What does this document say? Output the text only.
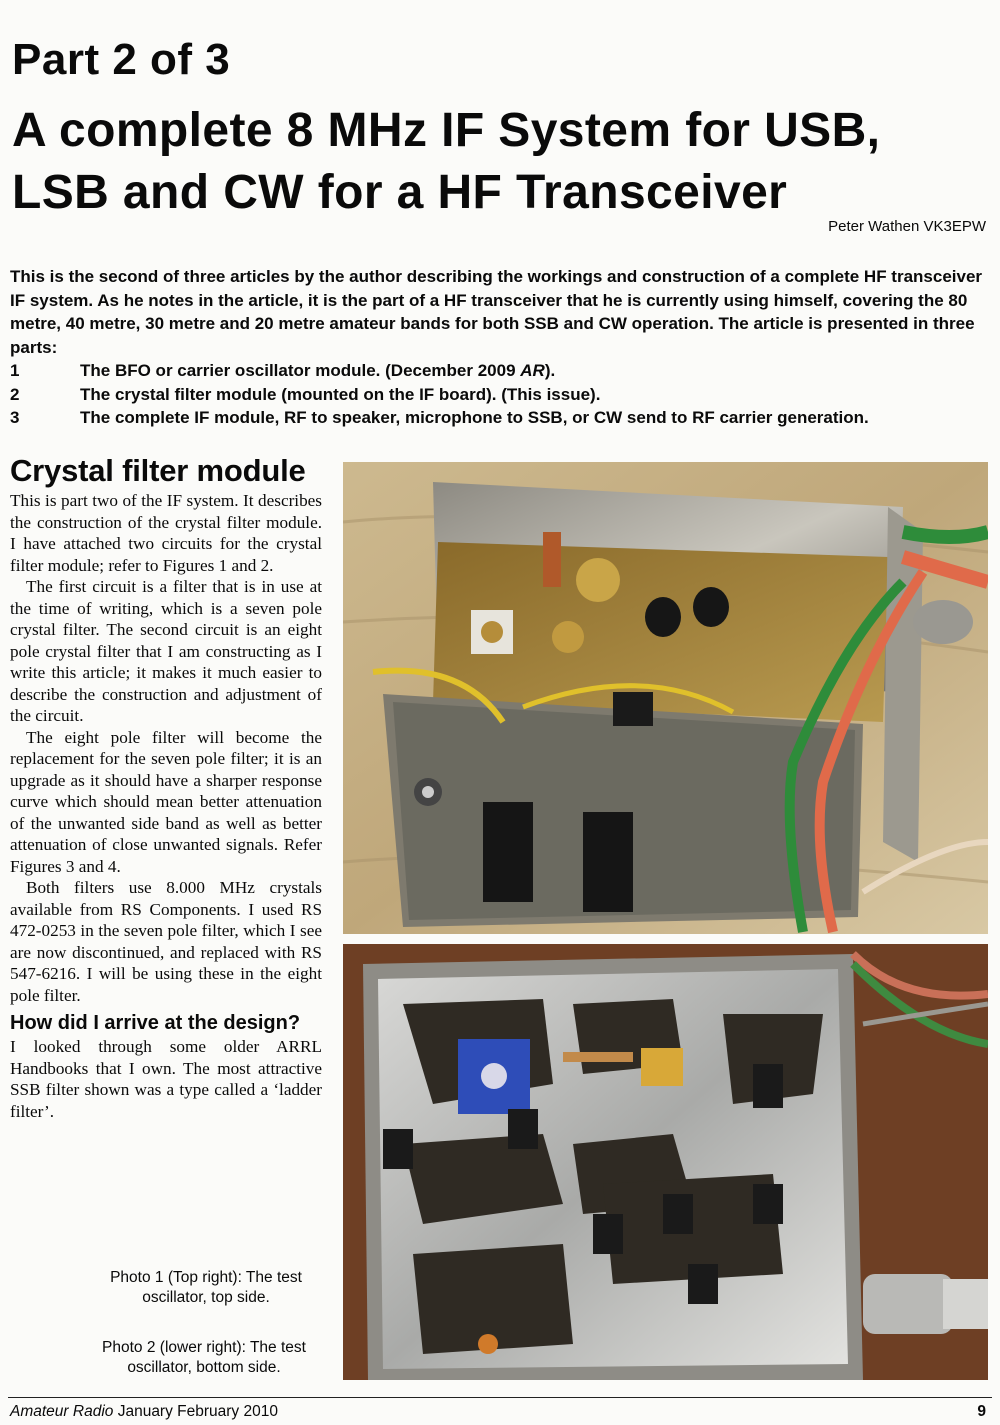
Part 2 of 3
A complete 8 MHz IF System for USB,
LSB and CW for a HF Transceiver
Peter Wathen VK3EPW

This is the second of three articles by the author describing the workings and construction of a complete HF transceiver IF system. As he notes in the article, it is the part of a HF transceiver that he is currently using himself, covering the 80 metre, 40 metre, 30 metre and 20 metre amateur bands for both SSB and CW operation. The article is presented in three parts:

1	The BFO or carrier oscillator module. (December 2009 AR).
2	The crystal filter module (mounted on the IF board). (This issue).
3	The complete IF module, RF to speaker, microphone to SSB, or CW send to RF carrier generation.
Crystal filter module

This is part two of the IF system. It describes the construction of the crystal filter module. I have attached two circuits for the crystal filter module; refer to Figures 1 and 2.

The first circuit is a filter that is in use at the time of writing, which is a seven pole crystal filter. The second circuit is an eight pole crystal filter that I am constructing as I write this article; it makes it much easier to describe the construction and adjustment of the circuit.

The eight pole filter will become the replacement for the seven pole filter; it is an upgrade as it should have a sharper response curve which should mean better attenuation of the unwanted side band as well as better attenuation of close unwanted signals. Refer Figures 3 and 4.

Both filters use 8.000 MHz crystals available from RS Components. I used RS 472-0253 in the seven pole filter, which I see are now discontinued, and replaced with RS 547-6216. I will be using these in the eight pole filter.

How did I arrive at the design?

I looked through some older ARRL Handbooks that I own. The most attractive SSB filter shown was a type called a ‘ladder filter’.

Photo 1 (Top right): The test oscillator, top side.
Photo 2 (lower right): The test oscillator, bottom side.
Amateur Radio January February 2010	9
